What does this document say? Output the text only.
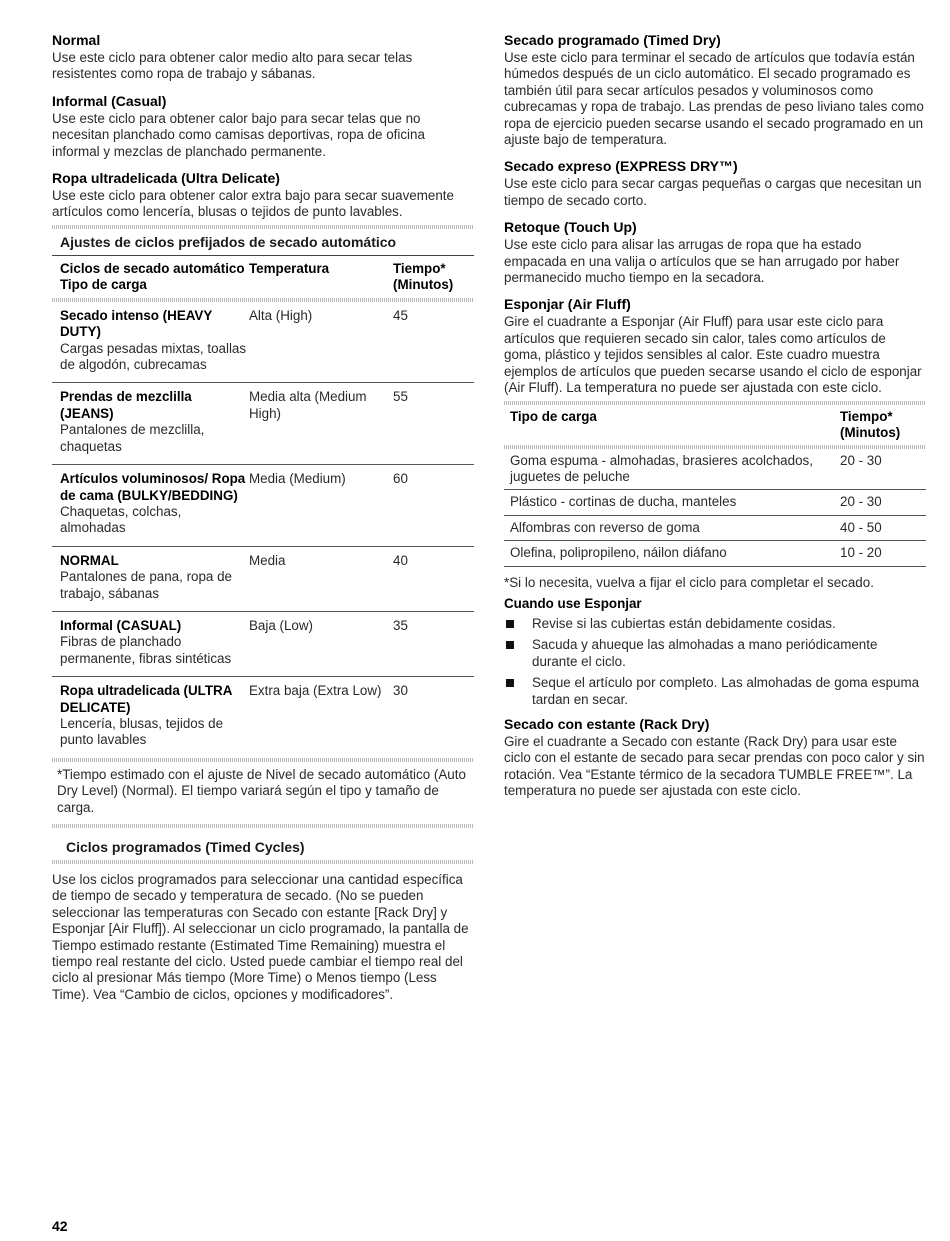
Normal

Use este ciclo para obtener calor medio alto para secar telas resistentes como ropa de trabajo y sábanas.

Informal (Casual)

Use este ciclo para obtener calor bajo para secar telas que no necesitan planchado como camisas deportivas, ropa de oficina informal y mezclas de planchado permanente.

Ropa ultradelicada (Ultra Delicate)

Use este ciclo para obtener calor extra bajo para secar suavemente artículos como lencería, blusas o tejidos de punto lavables.

Ajustes de ciclos prefijados de secado automático
Ciclos de secado automático
Tipo de carga
	Temperatura	Tiempo* (Minutos)
Secado intenso (HEAVY DUTY)
Cargas pesadas mixtas, toallas de algodón, cubrecamas	Alta (High)	45

Prendas de mezclilla (JEANS)
Pantalones de mezclilla, chaquetas	Media alta (Medium High)	55

Artículos voluminosos/ Ropa de cama (BULKY/BEDDING)
Chaquetas, colchas, almohadas	Media (Medium)	60

NORMAL
Pantalones de pana, ropa de trabajo, sábanas	Media	40

Informal (CASUAL)
Fibras de planchado permanente, fibras sintéticas	Baja (Low)	35

Ropa ultradelicada (ULTRA DELICATE)
Lencería, blusas, tejidos de punto lavables	Extra baja (Extra Low)	30
*Tiempo estimado con el ajuste de Nivel de secado automático (Auto Dry Level) (Normal). El tiempo variará según el tipo y tamaño de carga.
Ciclos programados (Timed Cycles)

Use los ciclos programados para seleccionar una cantidad específica de tiempo de secado y temperatura de secado. (No se pueden seleccionar las temperaturas con Secado con estante [Rack Dry] y Esponjar [Air Fluff]). Al seleccionar un ciclo programado, la pantalla de Tiempo estimado restante (Estimated Time Remaining) muestra el tiempo real restante del ciclo. Usted puede cambiar el tiempo real del ciclo al presionar Más tiempo (More Time) o Menos tiempo (Less Time). Vea “Cambio de ciclos, opciones y modificadores”.

Secado programado (Timed Dry)

Use este ciclo para terminar el secado de artículos que todavía están húmedos después de un ciclo automático. El secado programado es también útil para secar artículos pesados y voluminosos como cubrecamas y ropa de trabajo. Las prendas de peso liviano tales como ropa de ejercicio pueden secarse usando el secado programado en un ajuste bajo de temperatura.

Secado expreso (EXPRESS DRY™)

Use este ciclo para secar cargas pequeñas o cargas que necesitan un tiempo de secado corto.

Retoque (Touch Up)

Use este ciclo para alisar las arrugas de ropa que ha estado empacada en una valija o artículos que se han arrugado por haber permanecido mucho tiempo en la secadora.

Esponjar (Air Fluff)

Gire el cuadrante a Esponjar (Air Fluff) para usar este ciclo para artículos que requieren secado sin calor, tales como artículos de goma, plástico y tejidos sensibles al calor. Este cuadro muestra ejemplos de artículos que pueden secarse usando el ciclo de esponjar (Air Fluff). La temperatura no puede ser ajustada con este ciclo.

Tipo de carga	Tiempo* (Minutos)
Goma espuma - almohadas, brasieres acolchados, juguetes de peluche	20 - 30
Plástico - cortinas de ducha, manteles	20 - 30
Alfombras con reverso de goma	40 - 50
Olefina, polipropileno, náilon diáfano	10 - 20

*Si lo necesita, vuelva a fijar el ciclo para completar el secado.

Cuando use Esponjar
Revise si las cubiertas están debidamente cosidas.
Sacuda y ahueque las almohadas a mano periódicamente durante el ciclo.
Seque el artículo por completo. Las almohadas de goma espuma tardan en secar.
Secado con estante (Rack Dry)

Gire el cuadrante a Secado con estante (Rack Dry) para usar este ciclo con el estante de secado para secar prendas con poco calor y sin rotación. Vea “Estante térmico de la secadora TUMBLE FREE™”. La temperatura no puede ser ajustada con este ciclo.

42
